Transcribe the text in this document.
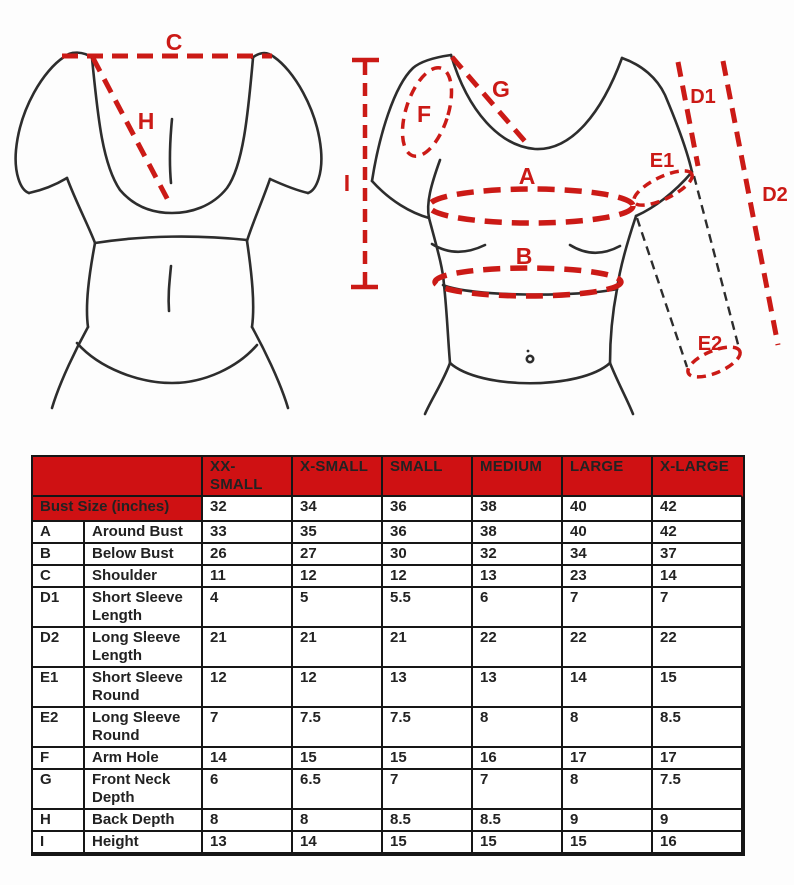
C
H
G
F
I	A
B
D1
D2
E1
E2
		XX-SMALL	X-SMALL	SMALL	MEDIUM	LARGE	X-LARGE
Bust Size (inches)		32	34	36	38	40	42
A	Around Bust	33	35	36	38	40	42
B	Below Bust	26	27	30	32	34	37
C	Shoulder	11	12	12	13	23	14
D1	Short Sleeve Length	4	5	5.5	6	7	7
D2	Long Sleeve Length	21	21	21	22	22	22
E1	Short Sleeve Round	12	12	13	13	14	15
E2	Long Sleeve Round	7	7.5	7.5	8	8	8.5
F	Arm Hole	14	15	15	16	17	17
G	Front Neck Depth	6	6.5	7	7	8	7.5
H	Back Depth	8	8	8.5	8.5	9	9
I	Height	13	14	15	15	15	16
